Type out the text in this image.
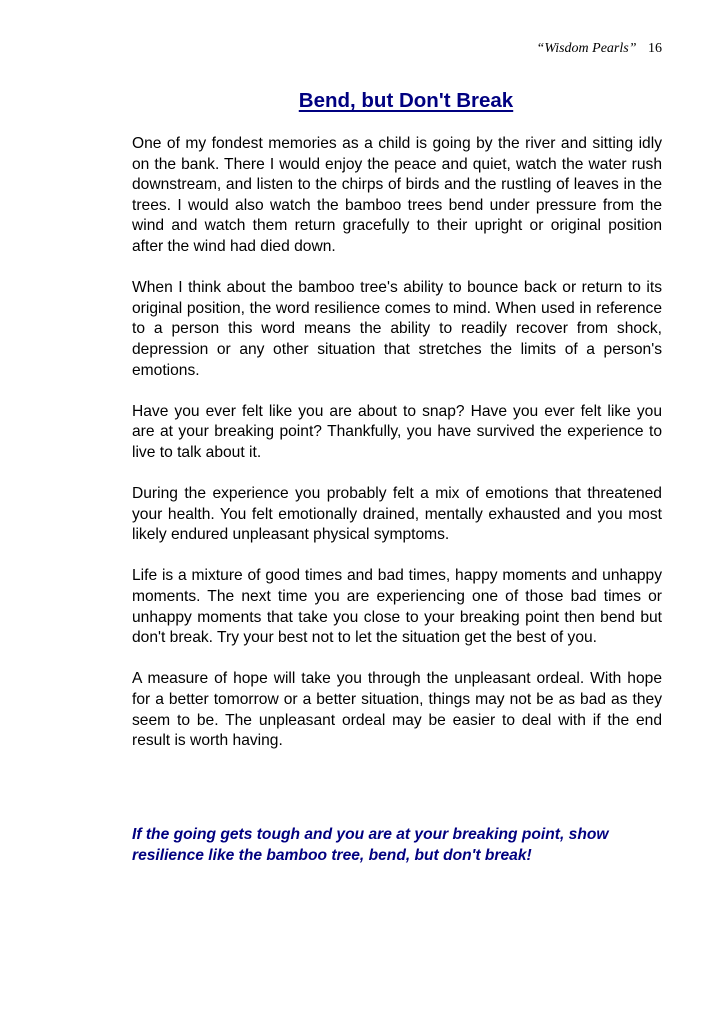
“Wisdom Pearls” 16
Bend, but Don't Break

One of my fondest memories as a child is going by the river and sitting idly on the bank. There I would enjoy the peace and quiet, watch the water rush downstream, and listen to the chirps of birds and the rustling of leaves in the trees. I would also watch the bamboo trees bend under pressure from the wind and watch them return gracefully to their upright or original position after the wind had died down.

When I think about the bamboo tree's ability to bounce back or return to its original position, the word resilience comes to mind. When used in reference to a person this word means the ability to readily recover from shock, depression or any other situation that stretches the limits of a person's emotions.

Have you ever felt like you are about to snap? Have you ever felt like you are at your breaking point? Thankfully, you have survived the experience to live to talk about it.

During the experience you probably felt a mix of emotions that threatened your health. You felt emotionally drained, mentally exhausted and you most likely endured unpleasant physical symptoms.

Life is a mixture of good times and bad times, happy moments and unhappy moments. The next time you are experiencing one of those bad times or unhappy moments that take you close to your breaking point then bend but don't break. Try your best not to let the situation get the best of you.

A measure of hope will take you through the unpleasant ordeal. With hope for a better tomorrow or a better situation, things may not be as bad as they seem to be. The unpleasant ordeal may be easier to deal with if the end result is worth having.

If the going gets tough and you are at your breaking point, show resilience like the bamboo tree, bend, but don't break!
